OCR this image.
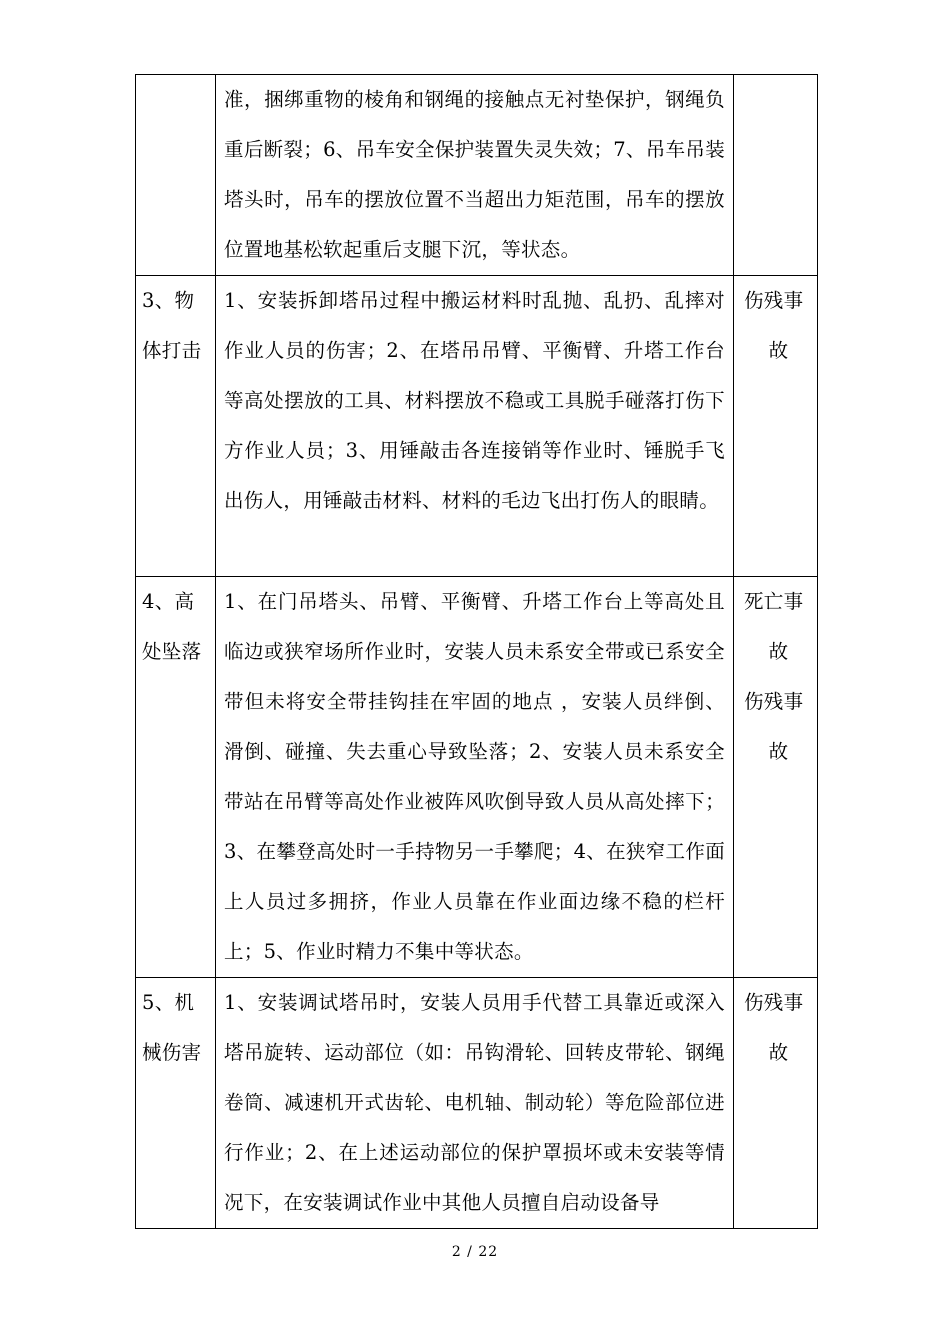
	准，捆绑重物的棱角和钢绳的接触点无衬垫保护，钢绳负重后断裂；6、吊车安全保护装置失灵失效；7、吊车吊装塔头时，吊车的摆放位置不当超出力矩范围，吊车的摆放位置地基松软起重后支腿下沉，等状态。	

3、物体打击	1、安装拆卸塔吊过程中搬运材料时乱抛、乱扔、乱摔对作业人员的伤害；2、在塔吊吊臂、平衡臂、升塔工作台等高处摆放的工具、材料摆放不稳或工具脱手碰落打伤下方作业人员；3、用锤敲击各连接销等作业时、锤脱手飞出伤人，用锤敲击材料、材料的毛边飞出打伤人的眼睛。	伤残事
故

4、高处坠落	1、在门吊塔头、吊臂、平衡臂、升塔工作台上等高处且临边或狭窄场所作业时，安装人员未系安全带或已系安全带但未将安全带挂钩挂在牢固的地点 ，安装人员绊倒、滑倒、碰撞、失去重心导致坠落；2、安装人员未系安全带站在吊臂等高处作业被阵风吹倒导致人员从高处摔下；3、在攀登高处时一手持物另一手攀爬；4、在狭窄工作面上人员过多拥挤，作业人员靠在作业面边缘不稳的栏杆上；5、作业时精力不集中等状态。	死亡事
故
伤残事
故

5、机械伤害	1、安装调试塔吊时，安装人员用手代替工具靠近或深入塔吊旋转、运动部位（如：吊钩滑轮、回转皮带轮、钢绳卷筒、减速机开式齿轮、电机轴、制动轮）等危险部位进行作业；2、在上述运动部位的保护罩损坏或未安装等情况下，在安装调试作业中其他人员擅自启动设备导	伤残事
故
2 / 22
